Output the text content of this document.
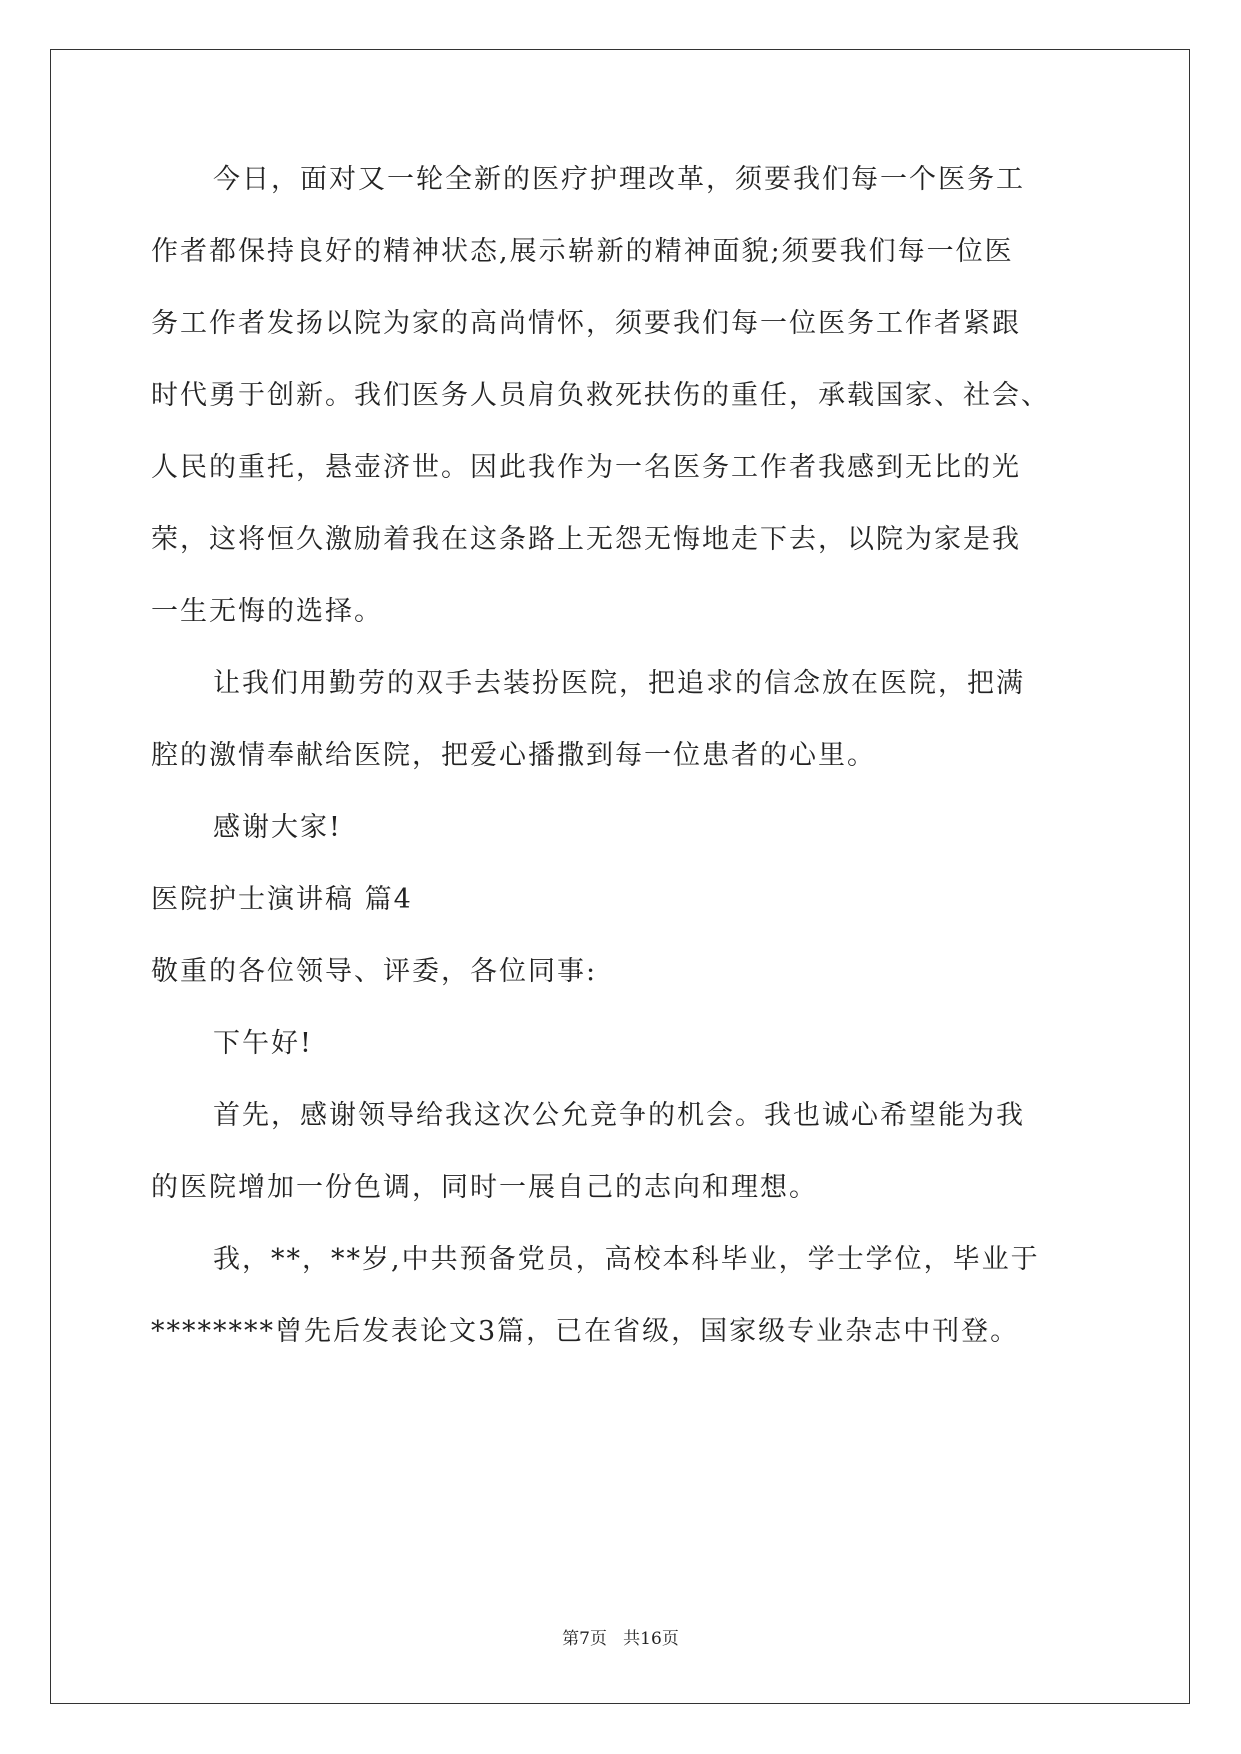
今日，面对又一轮全新的医疗护理改革，须要我们每一个医务工
作者都保持良好的精神状态,展示崭新的精神面貌;须要我们每一位医
务工作者发扬以院为家的高尚情怀，须要我们每一位医务工作者紧跟
时代勇于创新。我们医务人员肩负救死扶伤的重任，承载国家、社会、
人民的重托，悬壶济世。因此我作为一名医务工作者我感到无比的光
荣，这将恒久激励着我在这条路上无怨无悔地走下去，以院为家是我
一生无悔的选择。
让我们用勤劳的双手去装扮医院，把追求的信念放在医院，把满
腔的激情奉献给医院，把爱心播撒到每一位患者的心里。
感谢大家!
医院护士演讲稿 篇4
敬重的各位领导、评委，各位同事:
下午好!
首先，感谢领导给我这次公允竞争的机会。我也诚心希望能为我
的医院增加一份色调，同时一展自己的志向和理想。
我，**，**岁,中共预备党员，高校本科毕业，学士学位，毕业于
********曾先后发表论文3篇，已在省级，国家级专业杂志中刊登。
第7页   共16页
